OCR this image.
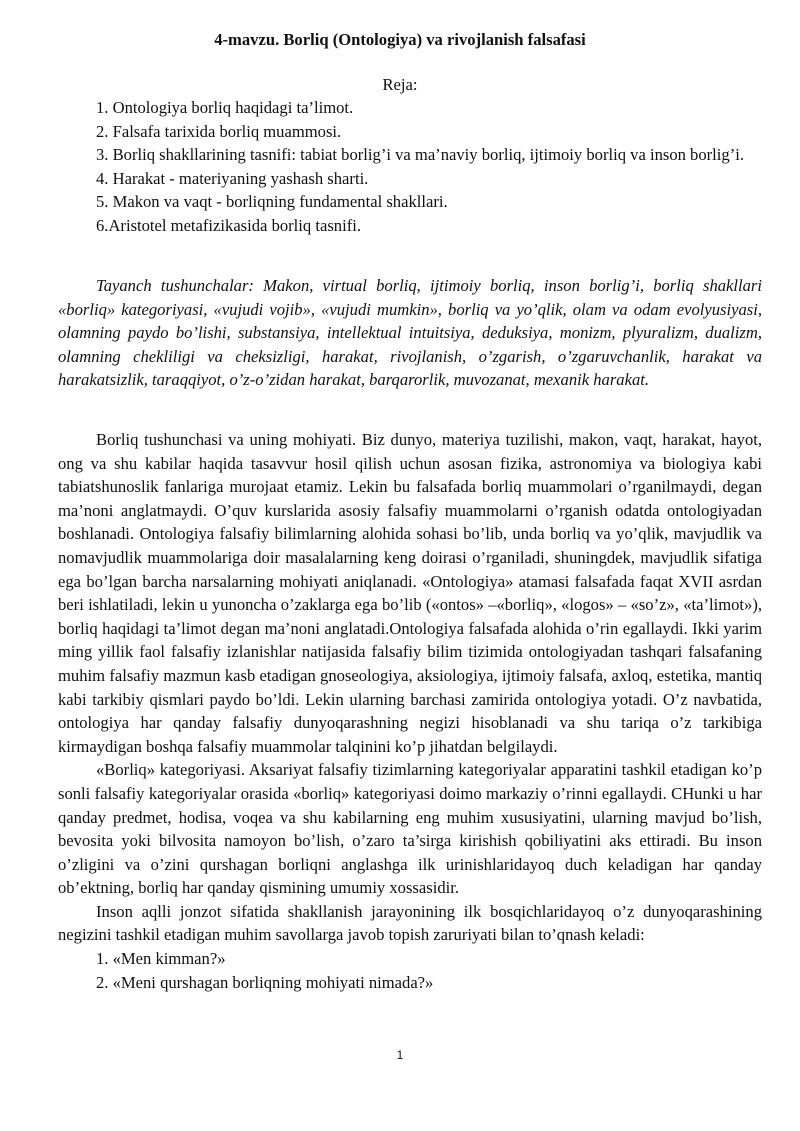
4-mavzu. Borliq (Ontologiya) va rivojlanish falsafasi

Reja:

1. Ontologiya borliq haqidagi ta’limot.
2. Falsafa tarixida borliq muammosi.
3. Borliq shakllarining tasnifi: tabiat borlig’i va ma’naviy borliq, ijtimoiy borliq va inson borlig’i.
4. Harakat - materiyaning yashash sharti.
5. Makon va vaqt - borliqning fundamental shakllari.
6.Aristotel metafizikasida borliq tasnifi.

Tayanch tushunchalar: Makon, virtual borliq, ijtimoiy borliq, inson borlig’i, borliq shakllari «borliq» kategoriyasi, «vujudi vojib», «vujudi mumkin», borliq va yo’qlik, olam va odam evolyusiyasi, olamning paydo bo’lishi, substansiya, intellektual intuitsiya, deduksiya, monizm, plyuralizm, dualizm, olamning chekliligi va cheksizligi, harakat, rivojlanish, o’zgarish, o’zgaruvchanlik, harakat va harakatsizlik, taraqqiyot, o’z-o’zidan harakat, barqarorlik, muvozanat, mexanik harakat.

Borliq tushunchasi va uning mohiyati. Biz dunyo, materiya tuzilishi, makon, vaqt, harakat, hayot, ong va shu kabilar haqida tasavvur hosil qilish uchun asosan fizika, astronomiya va biologiya kabi tabiatshunoslik fanlariga murojaat etamiz. Lekin bu falsafada borliq muammolari o’rganilmaydi, degan ma’noni anglatmaydi. O’quv kurslarida asosiy falsafiy muammolarni o’rganish odatda ontologiyadan boshlanadi. Ontologiya falsafiy bilimlarning alohida sohasi bo’lib, unda borliq va yo’qlik, mavjudlik va nomavjudlik muammolariga doir masalalarning keng doirasi o’rganiladi, shuningdek, mavjudlik sifatiga ega bo’lgan barcha narsalarning mohiyati aniqlanadi. «Ontologiya» atamasi falsafada faqat XVII asrdan beri ishlatiladi, lekin u yunoncha o’zaklarga ega bo’lib («ontos» –«borliq», «logos» – «so’z», «ta’limot»), borliq haqidagi ta’limot degan ma’noni anglatadi.Ontologiya falsafada alohida o’rin egallaydi. Ikki yarim ming yillik faol falsafiy izlanishlar natijasida falsafiy bilim tizimida ontologiyadan tashqari falsafaning muhim falsafiy mazmun kasb etadigan gnoseologiya, aksiologiya, ijtimoiy falsafa, axloq, estetika, mantiq kabi tarkibiy qismlari paydo bo’ldi. Lekin ularning barchasi zamirida ontologiya yotadi. O’z navbatida, ontologiya har qanday falsafiy dunyoqarashning negizi hisoblanadi va shu tariqa o’z tarkibiga kirmaydigan boshqa falsafiy muammolar talqinini ko’p jihatdan belgilaydi.

«Borliq» kategoriyasi. Aksariyat falsafiy tizimlarning kategoriyalar apparatini tashkil etadigan ko’p sonli falsafiy kategoriyalar orasida «borliq» kategoriyasi doimo markaziy o’rinni egallaydi. CHunki u har qanday predmet, hodisa, voqea va shu kabilarning eng muhim xususiyatini, ularning mavjud bo’lish, bevosita yoki bilvosita namoyon bo’lish, o’zaro ta’sirga kirishish qobiliyatini aks ettiradi. Bu inson o’zligini va o’zini qurshagan borliqni anglashga ilk urinishlaridayoq duch keladigan har qanday ob’ektning, borliq har qanday qismining umumiy xossasidir.

Inson aqlli jonzot sifatida shakllanish jarayonining ilk bosqichlaridayoq o’z dunyoqarashining negizini tashkil etadigan muhim savollarga javob topish zaruriyati bilan to’qnash keladi:

1. «Men kimman?»
2. «Meni qurshagan borliqning mohiyati nimada?»
1
